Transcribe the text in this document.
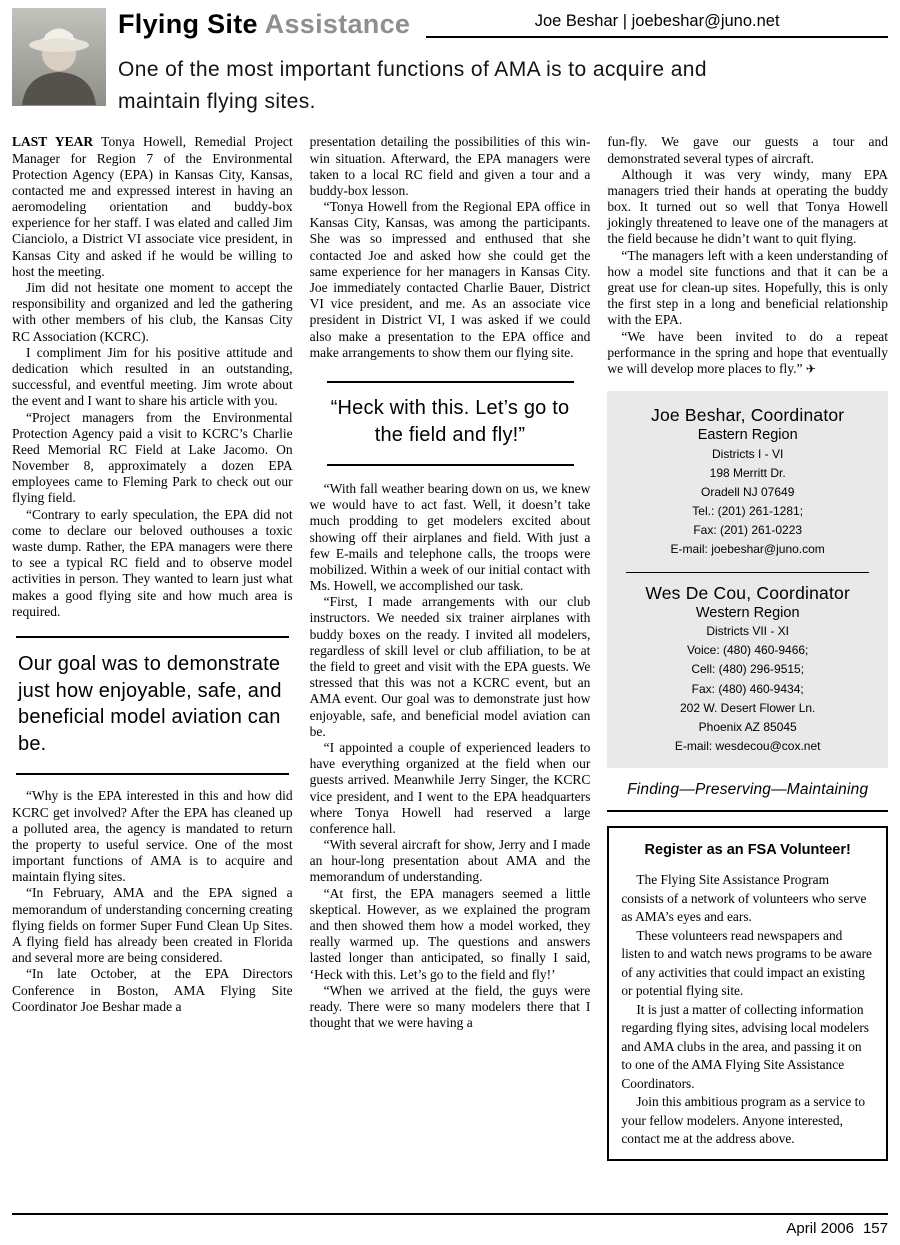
Flying Site Assistance	Joe Beshar | joebeshar@juno.net
One of the most important functions of AMA is to acquire and maintain flying sites.

LAST YEAR Tonya Howell, Remedial Project Manager for Region 7 of the Environmental Protection Agency (EPA) in Kansas City, Kansas, contacted me and expressed interest in having an aeromodeling orientation and buddy-box experience for her staff. I was elated and called Jim Cianciolo, a District VI associate vice president, in Kansas City and asked if he would be willing to host the meeting.

Jim did not hesitate one moment to accept the responsibility and organized and led the gathering with other members of his club, the Kansas City RC Association (KCRC).

I compliment Jim for his positive attitude and dedication which resulted in an outstanding, successful, and eventful meeting. Jim wrote about the event and I want to share his article with you.

“Project managers from the Environmental Protection Agency paid a visit to KCRC’s Charlie Reed Memorial RC Field at Lake Jacomo. On November 8, approximately a dozen EPA employees came to Fleming Park to check out our flying field.

“Contrary to early speculation, the EPA did not come to declare our beloved outhouses a toxic waste dump. Rather, the EPA managers were there to see a typical RC field and to observe model activities in person. They wanted to learn just what makes a good flying site and how much area is required.

Our goal was to demonstrate just how enjoyable, safe, and beneficial model aviation can be.

“Why is the EPA interested in this and how did KCRC get involved? After the EPA has cleaned up a polluted area, the agency is mandated to return the property to useful service. One of the most important functions of AMA is to acquire and maintain flying sites.

“In February, AMA and the EPA signed a memorandum of understanding concerning creating flying fields on former Super Fund Clean Up Sites. A flying field has already been created in Florida and several more are being considered.

“In late October, at the EPA Directors Conference in Boston, AMA Flying Site Coordinator Joe Beshar made a

presentation detailing the possibilities of this win-win situation. Afterward, the EPA managers were taken to a local RC field and given a tour and a buddy-box lesson.

“Tonya Howell from the Regional EPA office in Kansas City, Kansas, was among the participants. She was so impressed and enthused that she contacted Joe and asked how she could get the same experience for her managers in Kansas City. Joe immediately contacted Charlie Bauer, District VI vice president, and me. As an associate vice president in District VI, I was asked if we could also make a presentation to the EPA office and make arrangements to show them our flying site.

“Heck with this. Let’s go to the field and fly!”

“With fall weather bearing down on us, we knew we would have to act fast. Well, it doesn’t take much prodding to get modelers excited about showing off their airplanes and field. With just a few E-mails and telephone calls, the troops were mobilized. Within a week of our initial contact with Ms. Howell, we accomplished our task.

“First, I made arrangements with our club instructors. We needed six trainer airplanes with buddy boxes on the ready. I invited all modelers, regardless of skill level or club affiliation, to be at the field to greet and visit with the EPA guests. We stressed that this was not a KCRC event, but an AMA event. Our goal was to demonstrate just how enjoyable, safe, and beneficial model aviation can be.

“I appointed a couple of experienced leaders to have everything organized at the field when our guests arrived. Meanwhile Jerry Singer, the KCRC vice president, and I went to the EPA headquarters where Tonya Howell had reserved a large conference hall.

“With several aircraft for show, Jerry and I made an hour-long presentation about AMA and the memorandum of understanding.

“At first, the EPA managers seemed a little skeptical. However, as we explained the program and then showed them how a model worked, they really warmed up. The questions and answers lasted longer than anticipated, so finally I said, ‘Heck with this. Let’s go to the field and fly!’

“When we arrived at the field, the guys were ready. There were so many modelers there that I thought that we were having a

fun-fly. We gave our guests a tour and demonstrated several types of aircraft.

Although it was very windy, many EPA managers tried their hands at operating the buddy box. It turned out so well that Tonya Howell jokingly threatened to leave one of the managers at the field because he didn’t want to quit flying.

“The managers left with a keen understanding of how a model site functions and that it can be a great use for clean-up sites. Hopefully, this is only the first step in a long and beneficial relationship with the EPA.

“We have been invited to do a repeat performance in the spring and hope that eventually we will develop more places to fly.” ✈

Joe Beshar, Coordinator
Eastern Region
Districts I - VI
198 Merritt Dr.
Oradell NJ 07649
Tel.: (201) 261-1281;
Fax: (201) 261-0223
E-mail: joebeshar@juno.com
Wes De Cou, Coordinator
Western Region
Districts VII - XI
Voice: (480) 460-9466;
Cell: (480) 296-9515;
Fax: (480) 460-9434;
202 W. Desert Flower Ln.
Phoenix AZ 85045
E-mail: wesdecou@cox.net
Finding—Preserving—Maintaining
Register as an FSA Volunteer!

The Flying Site Assistance Program consists of a network of volunteers who serve as AMA’s eyes and ears.

These volunteers read newspapers and listen to and watch news programs to be aware of any activities that could impact an existing or potential flying site.

It is just a matter of collecting information regarding flying sites, advising local modelers and AMA clubs in the area, and passing it on to one of the AMA Flying Site Assistance Coordinators.

Join this ambitious program as a service to your fellow modelers. Anyone interested, contact me at the address above.

April 2006 157
